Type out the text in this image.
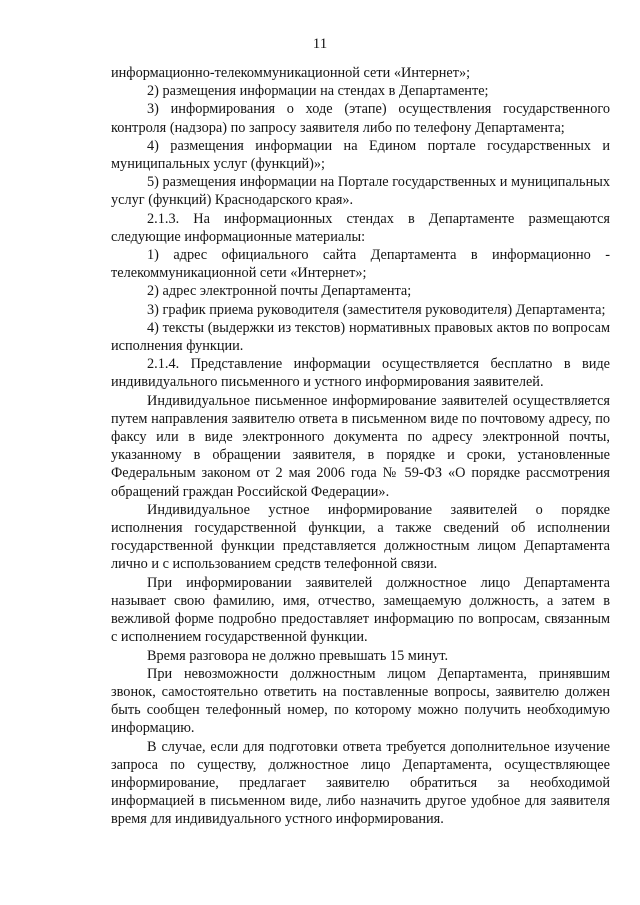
11

информационно-телекоммуникационной сети «Интернет»;

2) размещения информации на стендах в Департаменте;

3) информирования о ходе (этапе) осуществления государственного контроля (надзора) по запросу заявителя либо по телефону Департамента;

4) размещения информации на Едином портале государственных и муниципальных услуг (функций)»;

5) размещения информации на Портале государственных и муниципальных услуг (функций) Краснодарского края».

2.1.3. На информационных стендах в Департаменте размещаются следующие информационные материалы:

1) адрес официального сайта Департамента в информационно - телекоммуникационной сети «Интернет»;

2) адрес электронной почты Департамента;

3) график приема руководителя (заместителя руководителя) Департамента;

4) тексты (выдержки из текстов) нормативных правовых актов по вопросам исполнения функции.

2.1.4. Представление информации осуществляется бесплатно в виде индивидуального письменного и устного информирования заявителей.

Индивидуальное письменное информирование заявителей осуществляется путем направления заявителю ответа в письменном виде по почтовому адресу, по факсу или в виде электронного документа по адресу электронной почты, указанному в обращении заявителя, в порядке и сроки, установленные Федеральным законом от 2 мая 2006 года № 59-ФЗ «О порядке рассмотрения обращений граждан Российской Федерации».

Индивидуальное устное информирование заявителей о порядке исполнения государственной функции, а также сведений об исполнении государственной функции представляется должностным лицом Департамента лично и с использованием средств телефонной связи.

При информировании заявителей должностное лицо Департамента называет свою фамилию, имя, отчество, замещаемую должность, а затем в вежливой форме подробно предоставляет информацию по вопросам, связанным с исполнением государственной функции.

Время разговора не должно превышать 15 минут.

При невозможности должностным лицом Департамента, принявшим звонок, самостоятельно ответить на поставленные вопросы, заявителю должен быть сообщен телефонный номер, по которому можно получить необходимую информацию.

В случае, если для подготовки ответа требуется дополнительное изучение запроса по существу, должностное лицо Департамента, осуществляющее информирование, предлагает заявителю обратиться за необходимой информацией в письменном виде, либо назначить другое удобное для заявителя время для индивидуального устного информирования.
